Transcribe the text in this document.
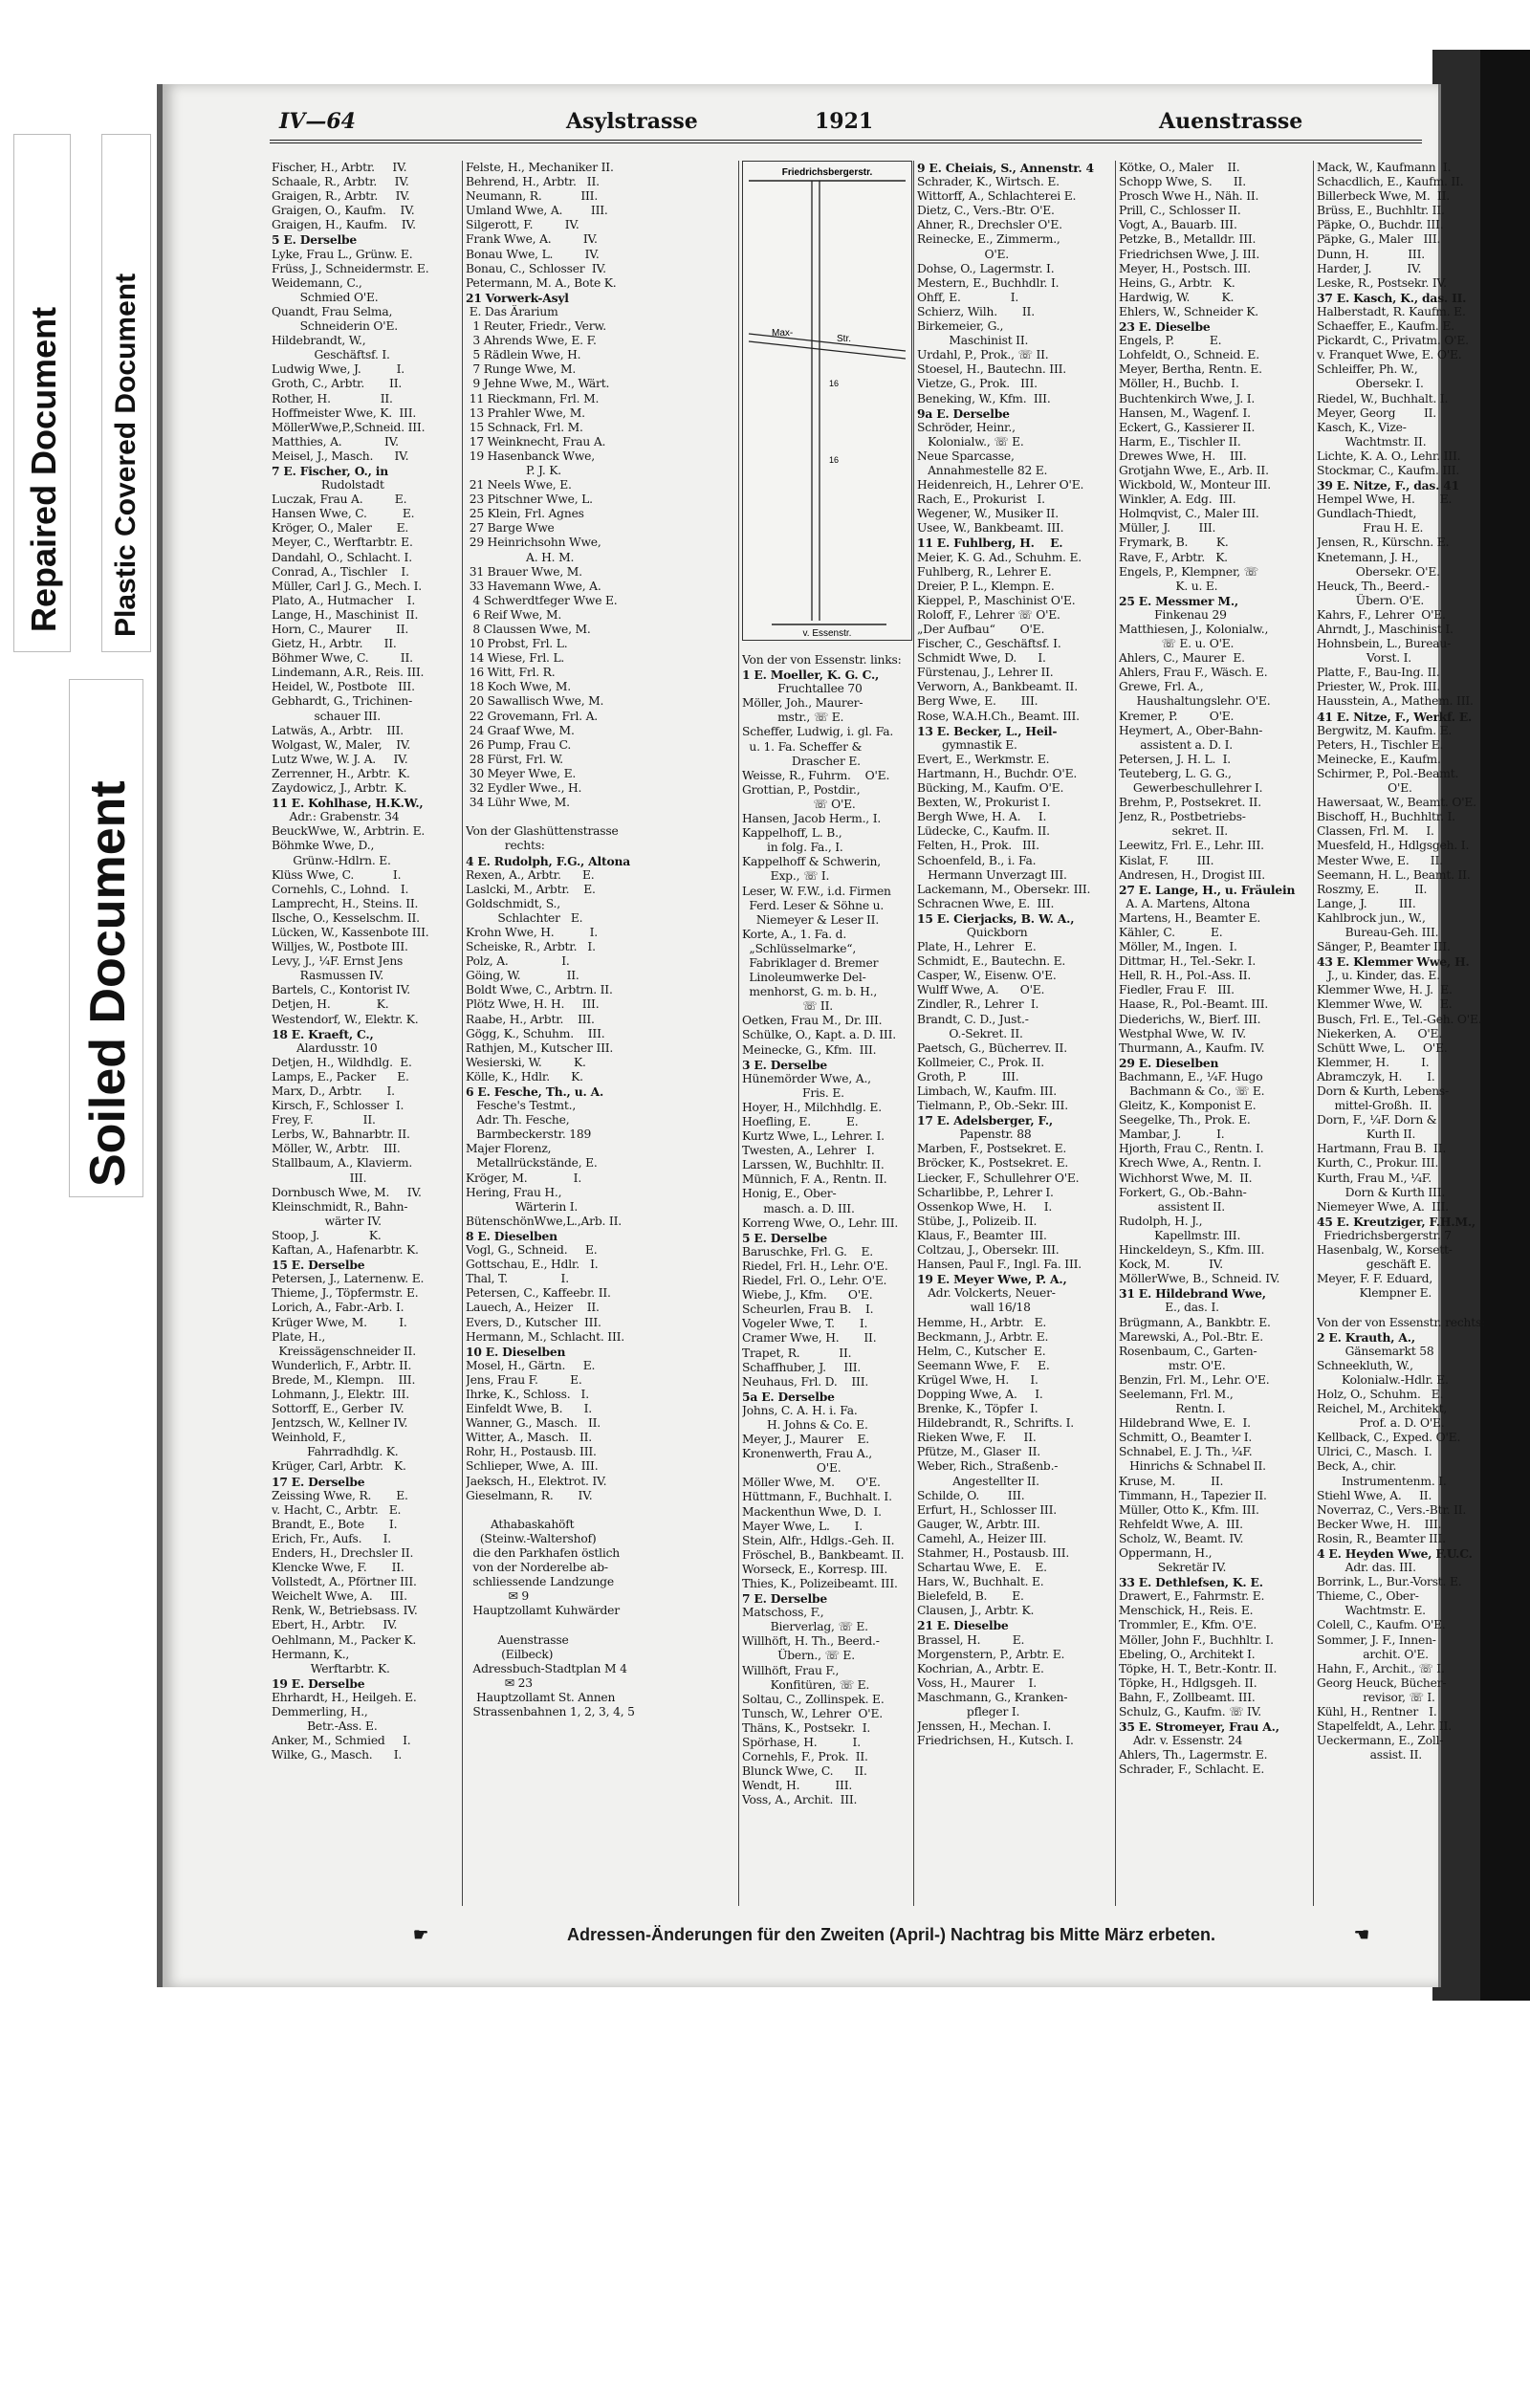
Repaired Document Plastic Covered Document
Soiled Document
IV—64	Asylstrasse	1921	Auenstrasse
Fischer, H., Arbtr.     IV.
Schaale, R., Arbtr.     IV.
Graigen, R., Arbtr.     IV.
Graigen, O., Kaufm.    IV.
Graigen, H., Kaufm.    IV.
5 E. Derselbe
Lyke, Frau L., Grünw. E.
Früss, J., Schneidermstr. E.
Weidemann, C.,
Schmied O'E.
Quandt, Frau Selma,
Schneiderin O'E.
Hildebrandt, W.,
Geschäftsf. I.
Ludwig Wwe, J.          I.
Groth, C., Arbtr.       II.
Rother, H.              II.
Hoffmeister Wwe, K.  III.
MöllerWwe,P.,Schneid. III.
Matthies, A.            IV.
Meisel, J., Masch.      IV.
7 E. Fischer, O., in
Rudolstadt
Luczak, Frau A.         E.
Hansen Wwe, C.          E.
Kröger, O., Maler       E.
Meyer, C., Werftarbtr. E.
Dandahl, O., Schlacht. I.
Conrad, A., Tischler    I.
Müller, Carl J. G., Mech. I.
Plato, A., Hutmacher    I.
Lange, H., Maschinist  II.
Horn, C., Maurer       II.
Gietz, H., Arbtr.      II.
Böhmer Wwe, C.         II.
Lindemann, A.R., Reis. III.
Heidel, W., Postbote   III.
Gebhardt, G., Trichinen-
schauer III.
Latwäs, A., Arbtr.    III.
Wolgast, W., Maler,    IV.
Lutz Wwe, W. J. A.     IV.
Zerrenner, H., Arbtr.  K.
Zaydowicz, J., Arbtr.  K.
11 E. Kohlhase, H.K.W.,
Adr.: Grabenstr. 34
BeuckWwe, W., Arbtrin. E.
Böhmke Wwe, D.,
Grünw.-Hdlrn. E.
Klüss Wwe, C.           I.
Cornehls, C., Lohnd.   I.
Lamprecht, H., Steins. II.
Ilsche, O., Kesselschm. II.
Lücken, W., Kassenbote III.
Willjes, W., Postbote III.
Levy, J., ¼F. Ernst Jens
Rasmussen IV.
Bartels, C., Kontorist IV.
Detjen, H.             K.
Westendorf, W., Elektr. K.
18 E. Kraeft, C.,
Alardusstr. 10
Detjen, H., Wildhdlg.  E.
Lamps, E., Packer      E.
Marx, D., Arbtr.       I.
Kirsch, F., Schlosser  I.
Frey, F.              II.
Lerbs, W., Bahnarbtr. II.
Möller, W., Arbtr.    III.
Stallbaum, A., Klavierm.
III.
Dornbusch Wwe, M.     IV.
Kleinschmidt, R., Bahn-
wärter IV.
Stoop, J.              K.
Kaftan, A., Hafenarbtr. K.
15 E. Derselbe
Petersen, J., Laternenw. E.
Thieme, J., Töpfermstr. E.
Lorich, A., Fabr.-Arb. I.
Krüger Wwe, M.         I.
Plate, H.,
Kreissägenschneider II.
Wunderlich, F., Arbtr. II.
Brede, M., Klempn.    III.
Lohmann, J., Elektr.  III.
Sottorff, E., Gerber  IV.
Jentzsch, W., Kellner IV.
Weinhold, F.,
Fahrradhdlg. K.
Krüger, Carl, Arbtr.   K.
17 E. Derselbe
Zeissing Wwe, R.       E.
v. Hacht, C., Arbtr.   E.
Brandt, E., Bote       I.
Erich, Fr., Aufs.      I.
Enders, H., Drechsler II.
Klencke Wwe, F.       II.
Vollstedt, A., Pförtner III.
Weichelt Wwe, A.     III.
Renk, W., Betriebsass. IV.
Ebert, H., Arbtr.     IV.
Oehlmann, M., Packer K.
Hermann, K.,
Werftarbtr. K.
19 E. Derselbe
Ehrhardt, H., Heilgeh. E.
Demmerling, H.,
Betr.-Ass. E.
Anker, M., Schmied     I.
Wilke, G., Masch.      I.
Felste, H., Mechaniker II.
Behrend, H., Arbtr.   II.
Neumann, R.           III.
Umland Wwe, A.        III.
Silgerott, F.         IV.
Frank Wwe, A.         IV.
Bonau Wwe, L.         IV.
Bonau, C., Schlosser  IV.
Petermann, M. A., Bote K.
21 Vorwerk-Asyl
E. Das Ärarium
1 Reuter, Friedr., Verw.
3 Ahrends Wwe, E. F.
5 Rädlein Wwe, H.
7 Runge Wwe, M.
9 Jehne Wwe, M., Wärt.
11 Rieckmann, Frl. M.
13 Prahler Wwe, M.
15 Schnack, Frl. M.
17 Weinknecht, Frau A.
19 Hasenbanck Wwe,
P. J. K.
21 Neels Wwe, E.
23 Pitschner Wwe, L.
25 Klein, Frl. Agnes
27 Barge Wwe
29 Heinrichsohn Wwe,
A. H. M.
31 Brauer Wwe, M.
33 Havemann Wwe, A.
4 Schwerdtfeger Wwe E.
6 Reif Wwe, M.
8 Claussen Wwe, M.
10 Probst, Frl. L.
14 Wiese, Frl. L.
16 Witt, Frl. R.
18 Koch Wwe, M.
20 Sawallisch Wwe, M.
22 Grovemann, Frl. A.
24 Graaf Wwe, M.
26 Pump, Frau C.
28 Fürst, Frl. W.
30 Meyer Wwe, E.
32 Eydler Wwe., H.
34 Lühr Wwe, M.
Von der Glashüttenstrasse
rechts:
4 E. Rudolph, F.G., Altona
Rexen, A., Arbtr.      E.
Laslcki, M., Arbtr.    E.
Goldschmidt, S.,
Schlachter   E.
Krohn Wwe, H.          I.
Scheiske, R., Arbtr.   I.
Polz, A.               I.
Göing, W.             II.
Boldt Wwe, C., Arbtrn. II.
Plötz Wwe, H. H.     III.
Raabe, H., Arbtr.    III.
Gögg, K., Schuhm.    III.
Rathjen, M., Kutscher III.
Wesierski, W.         K.
Kölle, K., Hdlr.      K.
6 E. Fesche, Th., u. A.
Fesche's Testmt.,
Adr. Th. Fesche,
Barmbeckerstr. 189
Majer Florenz,
Metallrückstände, E.
Kröger, M.             I.
Hering, Frau H.,
Wärterin I.
BütenschönWwe,L.,Arb. II.
8 E. Dieselben
Vogl, G., Schneid.     E.
Gottschau, E., Hdlr.   I.
Thal, T.               I.
Petersen, C., Kaffeebr. II.
Lauech, A., Heizer    II.
Evers, D., Kutscher  III.
Hermann, M., Schlacht. III.
10 E. Dieselben
Mosel, H., Gärtn.     E.
Jens, Frau F.         E.
Ihrke, K., Schloss.   I.
Einfeldt Wwe, B.      I.
Wanner, G., Masch.   II.
Witter, A., Masch.   II.
Rohr, H., Postausb. III.
Schlieper, Wwe, A.  III.
Jaeksch, H., Elektrot. IV.
Gieselmann, R.       IV.
Athabaskahöft
(Steinw.-Waltershof)
die den Parkhafen östlich
von der Norderelbe ab-
schliessende Landzunge
✉ 9
Hauptzollamt Kuhwärder
Auenstrasse
(Eilbeck)
Adressbuch-Stadtplan M 4
✉ 23
Hauptzollamt St. Annen
Strassenbahnen 1, 2, 3, 4, 5
Friedrichsbergerstr.
Max-
Str.
16
16
v. Essenstr.
Von der von Essenstr. links:
1 E. Moeller, K. G. C.,
Fruchtallee 70
Möller, Joh., Maurer-
mstr., ☏ E.
Scheffer, Ludwig, i. gl. Fa.
u. 1. Fa. Scheffer &
Drascher E.
Weisse, R., Fuhrm.    O'E.
Grottian, P., Postdir.,
☏ O'E.
Hansen, Jacob Herm., I.
Kappelhoff, L. B.,
in folg. Fa., I.
Kappelhoff & Schwerin,
Exp., ☏ I.
Leser, W. F.W., i.d. Firmen
Ferd. Leser & Söhne u.
Niemeyer & Leser II.
Korte, A., 1. Fa. d.
„Schlüsselmarke“,
Fabriklager d. Bremer
Linoleumwerke Del-
menhorst, G. m. b. H.,
☏ II.
Oetken, Frau M., Dr. III.
Schülke, O., Kapt. a. D. III.
Meinecke, G., Kfm.  III.
3 E. Derselbe
Hünemörder Wwe, A.,
Fris. E.
Hoyer, H., Milchhdlg. E.
Hoefling, E.          E.
Kurtz Wwe, L., Lehrer. I.
Twesten, A., Lehrer   I.
Larssen, W., Buchhltr. II.
Münnich, F. A., Rentn. II.
Honig, E., Ober-
masch. a. D. III.
Korreng Wwe, O., Lehr. III.
5 E. Derselbe
Baruschke, Frl. G.    E.
Riedel, Frl. H., Lehr. O'E.
Riedel, Frl. O., Lehr. O'E.
Wiebe, J., Kfm.      O'E.
Scheurlen, Frau B.    I.
Vogeler Wwe, T.       I.
Cramer Wwe, H.       II.
Trapet, R.           II.
Schaffhuber, J.     III.
Neuhaus, Frl. D.    III.
5a E. Derselbe
Johns, C. A. H. i. Fa.
H. Johns & Co. E.
Meyer, J., Maurer    E.
Kronenwerth, Frau A.,
O'E.
Möller Wwe, M.      O'E.
Hüttmann, F., Buchhalt. I.
Mackenthun Wwe, D.  I.
Mayer Wwe, L.       I.
Stein, Alfr., Hdlgs.-Geh. II.
Fröschel, B., Bankbeamt. II.
Worseck, E., Korresp. III.
Thies, K., Polizeibeamt. III.
7 E. Derselbe
Matschoss, F.,
Bierverlag, ☏ E.
Willhöft, H. Th., Beerd.-
Übern., ☏ E.
Willhöft, Frau F.,
Konfitüren, ☏ E.
Soltau, C., Zollinspek. E.
Tunsch, W., Lehrer  O'E.
Thäns, K., Postsekr.  I.
Spörhase, H.          I.
Cornehls, F., Prok.  II.
Blunck Wwe, C.      II.
Wendt, H.          III.
Voss, A., Archit.  III.
9 E. Cheiais, S., Annenstr. 4
Schrader, K., Wirtsch. E.
Wittorff, A., Schlachterei E.
Dietz, C., Vers.-Btr. O'E.
Ahner, R., Drechsler O'E.
Reinecke, E., Zimmerm.,
O'E.
Dohse, O., Lagermstr. I.
Mestern, E., Buchhdlr. I.
Ohff, E.              I.
Schierz, Wilh.       II.
Birkemeier, G.,
Maschinist II.
Urdahl, P., Prok., ☏ II.
Stoesel, H., Bautechn. III.
Vietze, G., Prok.   III.
Beneking, W., Kfm.  III.
9a E. Derselbe
Schröder, Heinr.,
Kolonialw., ☏ E.
Neue Sparcasse,
Annahmestelle 82 E.
Heidenreich, H., Lehrer O'E.
Rach, E., Prokurist   I.
Wegener, W., Musiker II.
Usee, W., Bankbeamt. III.
11 E. Fuhlberg, H.    E.
Meier, K. G. Ad., Schuhm. E.
Fuhlberg, R., Lehrer E.
Dreier, P. L., Klempn. E.
Kieppel, P., Maschinist O'E.
Roloff, F., Lehrer ☏ O'E.
„Der Aufbau“       O'E.
Fischer, C., Geschäftsf. I.
Schmidt Wwe, D.      I.
Fürstenau, J., Lehrer II.
Verworn, A., Bankbeamt. II.
Berg Wwe, E.       III.
Rose, W.A.H.Ch., Beamt. III.
13 E. Becker, L., Heil-
gymnastik E.
Evert, E., Werkmstr. E.
Hartmann, H., Buchdr. O'E.
Bücking, M., Kaufm. O'E.
Bexten, W., Prokurist I.
Bergh Wwe, H. A.     I.
Lüdecke, C., Kaufm. II.
Felten, H., Prok.   III.
Schoenfeld, B., i. Fa.
Hermann Unverzagt III.
Lackemann, M., Obersekr. III.
Schracnen Wwe, E.  III.
15 E. Cierjacks, B. W. A.,
Quickborn
Plate, H., Lehrer   E.
Schmidt, E., Bautechn. E.
Casper, W., Eisenw. O'E.
Wulff Wwe, A.      O'E.
Zindler, R., Lehrer  I.
Brandt, C. D., Just.-
O.-Sekret. II.
Paetsch, G., Bücherrev. II.
Kollmeier, C., Prok. II.
Groth, P.          III.
Limbach, W., Kaufm. III.
Tielmann, P., Ob.-Sekr. III.
17 E. Adelsberger, F.,
Papenstr. 88
Marben, F., Postsekret. E.
Bröcker, K., Postsekret. E.
Liecker, F., Schullehrer O'E.
Scharlibbe, P., Lehrer I.
Ossenkop Wwe, H.     I.
Stübe, J., Polizeib. II.
Klaus, F., Beamter  III.
Coltzau, J., Obersekr. III.
Hansen, Paul F., Ingl. Fa. III.
19 E. Meyer Wwe, P. A.,
Adr. Volckerts, Neuer-
wall 16/18
Hemme, H., Arbtr.   E.
Beckmann, J., Arbtr. E.
Helm, C., Kutscher  E.
Seemann Wwe, F.     E.
Krügel Wwe, H.      I.
Dopping Wwe, A.     I.
Brenke, K., Töpfer  I.
Hildebrandt, R., Schrifts. I.
Rieken Wwe, F.     II.
Pfütze, M., Glaser  II.
Weber, Rich., Straßenb.-
Angestellter II.
Schilde, O.        III.
Erfurt, H., Schlosser III.
Gauger, W., Arbtr. III.
Camehl, A., Heizer III.
Stahmer, H., Postausb. III.
Schartau Wwe, E.    E.
Hars, W., Buchhalt. E.
Bielefeld, B.       E.
Clausen, J., Arbtr. K.
21 E. Dieselbe
Brassel, H.         E.
Morgenstern, P., Arbtr. E.
Kochrian, A., Arbtr. E.
Voss, H., Maurer    I.
Maschmann, G., Kranken-
pfleger I.
Jenssen, H., Mechan. I.
Friedrichsen, H., Kutsch. I.
Kötke, O., Maler    II.
Schopp Wwe, S.      II.
Prosch Wwe H., Näh. II.
Prill, C., Schlosser II.
Vogt, A., Bauarb. III.
Petzke, B., Metalldr. III.
Friedrichsen Wwe, J. III.
Meyer, H., Postsch. III.
Heins, G., Arbtr.   K.
Hardwig, W.         K.
Ehlers, W., Schneider K.
23 E. Dieselbe
Engels, P.          E.
Lohfeldt, O., Schneid. E.
Meyer, Bertha, Rentn. E.
Möller, H., Buchb.  I.
Buchtenkirch Wwe, J. I.
Hansen, M., Wagenf. I.
Eckert, G., Kassierer II.
Harm, E., Tischler II.
Drewes Wwe, H.    III.
Grotjahn Wwe, E., Arb. II.
Wickbold, W., Monteur III.
Winkler, A. Edg.  III.
Holmqvist, C., Maler III.
Müller, J.        III.
Frymark, B.        K.
Rave, F., Arbtr.   K.
Engels, P., Klempner, ☏
K. u. E.
25 E. Messmer M.,
Finkenau 29
Matthiesen, J., Kolonialw.,
☏ E. u. O'E.
Ahlers, C., Maurer  E.
Ahlers, Frau F., Wäsch. E.
Grewe, Frl. A.,
Haushaltungslehr. O'E.
Kremer, P.         O'E.
Heymert, A., Ober-Bahn-
assistent a. D. I.
Petersen, J. H. L.  I.
Teuteberg, L. G. G.,
Gewerbeschullehrer I.
Brehm, P., Postsekret. II.
Jenz, R., Postbetriebs-
sekret. II.
Leewitz, Frl. E., Lehr. III.
Kislat, F.        III.
Andresen, H., Drogist III.
27 E. Lange, H., u. Fräulein
A. A. Martens, Altona
Martens, H., Beamter E.
Kähler, C.          E.
Möller, M., Ingen.  I.
Dittmar, H., Tel.-Sekr. I.
Hell, R. H., Pol.-Ass. II.
Fiedler, Frau F.   III.
Haase, R., Pol.-Beamt. III.
Diederichs, W., Bierf. III.
Westphal Wwe, W.  IV.
Thurmann, A., Kaufm. IV.
29 E. Dieselben
Bachmann, E., ¼F. Hugo
Bachmann & Co., ☏ E.
Gleitz, K., Komponist E.
Seegelke, Th., Prok. E.
Mambar, J.          I.
Hjorth, Frau C., Rentn. I.
Krech Wwe, A., Rentn. I.
Wichhorst Wwe, M.  II.
Forkert, G., Ob.-Bahn-
assistent II.
Rudolph, H. J.,
Kapellmstr. III.
Hinckeldeyn, S., Kfm. III.
Kock, M.           IV.
MöllerWwe, B., Schneid. IV.
31 E. Hildebrand Wwe,
E., das. I.
Brügmann, A., Bankbtr. E.
Marewski, A., Pol.-Btr. E.
Rosenbaum, C., Garten-
mstr. O'E.
Benzin, Frl. M., Lehr. O'E.
Seelemann, Frl. M.,
Rentn. I.
Hildebrand Wwe, E.  I.
Schmitt, O., Beamter I.
Schnabel, E. J. Th., ¼F.
Hinrichs & Schnabel II.
Kruse, M.          II.
Timmann, H., Tapezier II.
Müller, Otto K., Kfm. III.
Rehfeldt Wwe, A.  III.
Scholz, W., Beamt. IV.
Oppermann, H.,
Sekretär IV.
33 E. Dethlefsen, K. E.
Drawert, E., Fahrmstr. E.
Menschick, H., Reis. E.
Trommler, E., Kfm. O'E.
Möller, John F., Buchhltr. I.
Ebeling, O., Architekt I.
Töpke, H. T., Betr.-Kontr. II.
Töpke, H., Hdlgsgeh. II.
Bahn, F., Zollbeamt. III.
Schulz, G., Kaufm. ☏ IV.
35 E. Stromeyer, Frau A.,
Adr. v. Essenstr. 24
Ahlers, Th., Lagermstr. E.
Schrader, F., Schlacht. E.
Mack, W., Kaufmann  I.
Schacdlich, E., Kaufm. II.
Billerbeck Wwe, M.  II.
Brüss, E., Buchhltr. II.
Päpke, O., Buchdr. III.
Päpke, G., Maler   III.
Dunn, H.           III.
Harder, J.          IV.
Leske, R., Postsekr. IV.
37 E. Kasch, K., das. II.
Halberstadt, R. Kaufm. E.
Schaeffer, E., Kaufm. E.
Pickardt, C., Privatm. O'E.
v. Franquet Wwe, E. O'E.
Schleiffer, Ph. W.,
Obersekr. I.
Riedel, W., Buchhalt. I.
Meyer, Georg        II.
Kasch, K., Vize-
Wachtmstr. II.
Lichte, K. A. O., Lehr. III.
Stockmar, C., Kaufm. III.
39 E. Nitze, F., das. 41
Hempel Wwe, H.       E.
Gundlach-Thiedt,
Frau H. E.
Jensen, R., Kürschn. E.
Knetemann, J. H.,
Obersekr. O'E.
Heuck, Th., Beerd.-
Übern. O'E.
Kahrs, F., Lehrer  O'E.
Ahrndt, J., Maschinist I.
Hohnsbein, L., Bureau-
Vorst. I.
Platte, F., Bau-Ing. II.
Priester, W., Prok. III.
Hausstein, A., Mathem. III.
41 E. Nitze, F., Werkf. E.
Bergwitz, M. Kaufm. E.
Peters, H., Tischler E.
Meinecke, E., Kaufm.
Schirmer, P., Pol.-Beamt.
O'E.
Hawersaat, W., Beamt. O'E.
Bischoff, H., Buchhltr. I.
Classen, Frl. M.     I.
Muesfeld, H., Hdlgsgeh. I.
Mester Wwe, E.      II.
Seemann, H. L., Beamt. II.
Roszmy, E.          II.
Lange, J.         III.
Kahlbrock jun., W.,
Bureau-Geh. III.
Sänger, P., Beamter III.
43 E. Klemmer Wwe, H.
J., u. Kinder, das. E.
Klemmer Wwe, H. J.  E.
Klemmer Wwe, W.     E.
Busch, Frl. E., Tel.-Geh. O'E.
Niekerken, A.      O'E.
Schütt Wwe, L.     O'E.
Klemmer, H.         I.
Abramczyk, H.       I.
Dorn & Kurth, Lebens-
mittel-Großh.  II.
Dorn, F., ¼F. Dorn &
Kurth II.
Hartmann, Frau B.  II.
Kurth, C., Prokur. III.
Kurth, Frau M., ¼F.
Dorn & Kurth III.
Niemeyer Wwe, A.  III.
45 E. Kreutziger, F.H.M.,
Friedrichsbergerstr. 7
Hasenbalg, W., Korsett-
geschäft E.
Meyer, F. F. Eduard,
Klempner E.
Von der von Essenstr. rechts:
2 E. Krauth, A.,
Gänsemarkt 58
Schneekluth, W.,
Kolonialw.-Hdlr. E.
Holz, O., Schuhm.   E.
Reichel, M., Architekt,
Prof. a. D. O'E.
Kellback, C., Exped. O'E.
Ulrici, C., Masch.  I.
Beck, A., chir.
Instrumentenm. I.
Stiehl Wwe, A.     II.
Noverraz, C., Vers.-Btr. II.
Becker Wwe, H.    III.
Rosin, R., Beamter III.
4 E. Heyden Wwe, F.U.C.
Adr. das. III.
Borrink, L., Bur.-Vorst. E.
Thieme, C., Ober-
Wachtmstr. E.
Colell, C., Kaufm. O'E.
Sommer, J. F., Innen-
archit. O'E.
Hahn, F., Archit., ☏ I.
Georg Heuck, Bücher-
revisor, ☏ I.
Kühl, H., Rentner   I.
Stapelfeldt, A., Lehr. II.
Ueckermann, E., Zoll-
assist. II.
☛	Adressen-Änderungen für den Zweiten (April-) Nachtrag bis Mitte März erbeten.	☚
